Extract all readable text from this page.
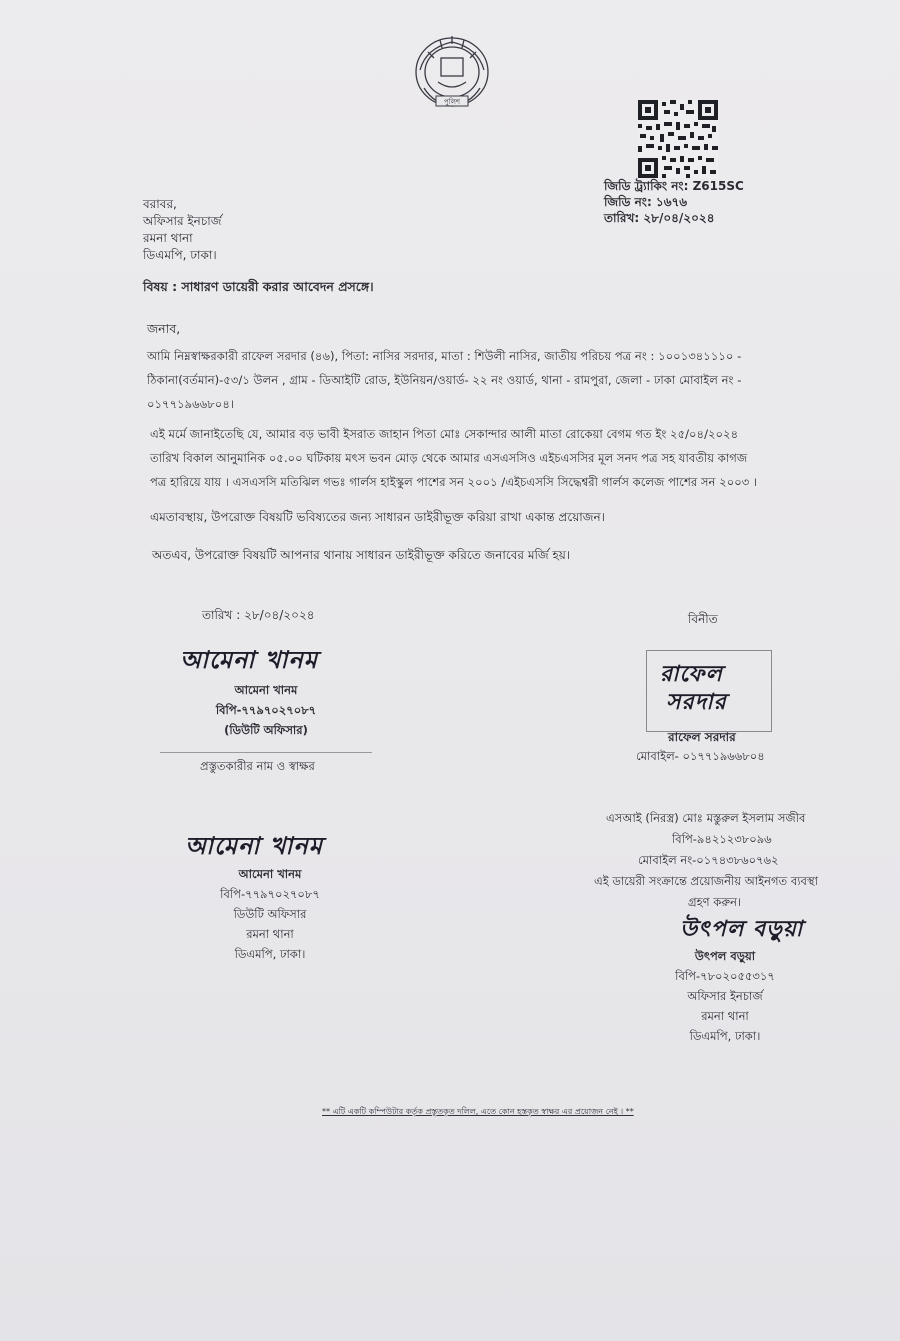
পুলিশ
জিডি ট্র্যাকিং নং: Z615SC
জিডি নং: ১৬৭৬
তারিখ: ২৮/০৪/২০২৪
বরাবর,
অফিসার ইনচার্জ
রমনা থানা
ডিএমপি, ঢাকা।
বিষয় : সাধারণ ডায়েরী করার আবেদন প্রসঙ্গে।
জনাব,
আমি নিম্নস্বাক্ষরকারী রাফেল সরদার (৪৬), পিতা: নাসির সরদার, মাতা : শিউলী নাসির, জাতীয় পরিচয় পত্র নং : ১০০১৩৪১১১০ -
ঠিকানা(বর্তমান)-৫৩/১ উলন , গ্রাম - ডিআইটি রোড, ইউনিয়ন/ওয়ার্ড- ২২ নং ওয়ার্ড, থানা - রামপুরা, জেলা - ঢাকা মোবাইল নং -
০১৭৭১৯৬৬৮০৪।
এই মর্মে জানাইতেছি যে, আমার বড় ভাবী ইসরাত জাহান পিতা মোঃ সেকান্দার আলী মাতা রোকেয়া বেগম গত ইং ২৫/০৪/২০২৪
তারিখ বিকাল আনুমানিক ০৫.০০ ঘটিকায় মৎস ভবন মোড় থেকে আমার এসএসসিও এইচএসসির মূল সনদ পত্র সহ যাবতীয় কাগজ
পত্র হারিয়ে যায় । এসএসসি মতিঝিল গভঃ গার্লস হাইস্কুল পাশের সন ২০০১ /এইচএসসি সিদ্ধেশ্বরী গার্লস কলেজ পাশের সন ২০০৩ ।
এমতাবস্থায়, উপরোক্ত বিষয়টি ভবিষ্যতের জন্য সাধারন ডাইরীভূক্ত করিয়া রাখা একান্ত প্রয়োজন।
অতএব, উপরোক্ত বিষয়টি আপনার থানায় সাধারন ডাইরীভূক্ত করিতে জনাবের মর্জি হয়।
তারিখ : ২৮/০৪/২০২৪	বিনীত
আমেনা খানম
আমেনা খানম
বিপি-৭৭৯৭০২৭০৮৭
(ডিউটি অফিসার)
প্রস্তুতকারীর নাম ও স্বাক্ষর
রাফেল
সরদার
রাফেল সরদার
মোবাইল- ০১৭৭১৯৬৬৮০৪
আমেনা খানম
আমেনা খানম
বিপি-৭৭৯৭০২৭০৮৭
ডিউটি অফিসার
রমনা থানা
ডিএমপি, ঢাকা।
এসআই (নিরস্ত্র) মোঃ মস্তুরুল ইসলাম সজীব
বিপি-৯৪২১২৩৮০৯৬
মোবাইল নং-০১৭৪৩৮৬০৭৬২
এই ডায়েরী সংক্রান্তে প্রয়োজনীয় আইনগত ব্যবস্থা
গ্রহণ করুন।
উৎপল বড়ুয়া
উৎপল বড়ুয়া
বিপি-৭৮০২০৫৫৩১৭
অফিসার ইনচার্জ
রমনা থানা
ডিএমপি, ঢাকা।
** এটি একটি কম্পিউটার কর্তৃক প্রস্তুতকৃত দলিল, এতে কোন হস্তকৃত স্বাক্ষর এর প্রয়োজন নেই । **
